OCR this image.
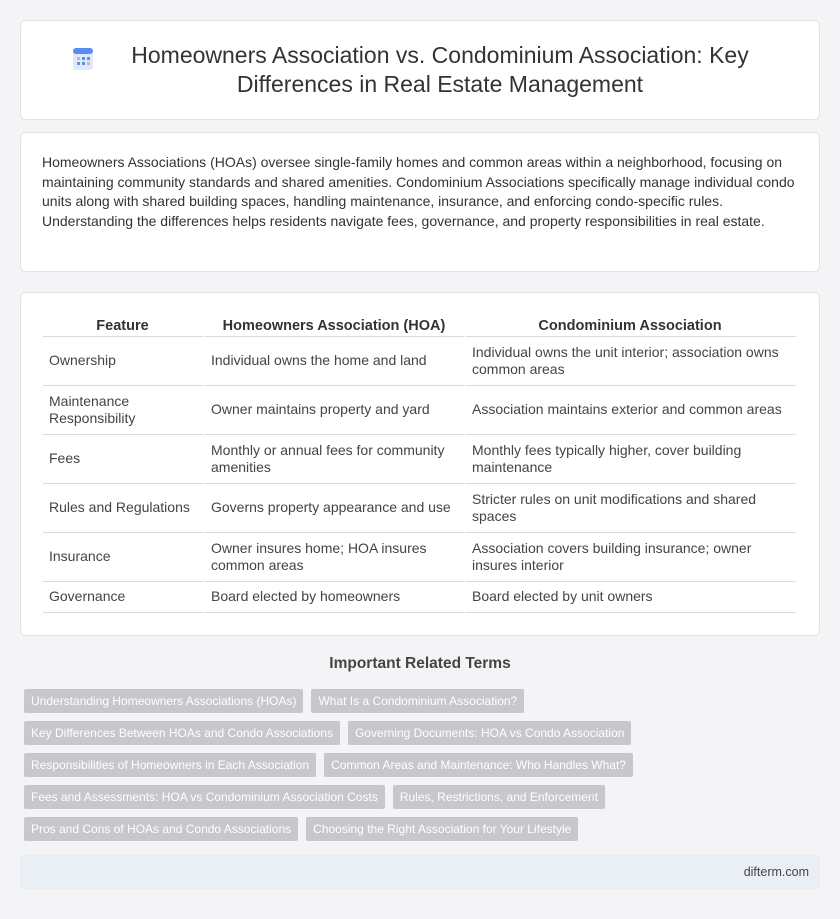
Homeowners Association vs. Condominium Association: Key Differences in Real Estate Management

Homeowners Associations (HOAs) oversee single-family homes and common areas within a neighborhood, focusing on maintaining community standards and shared amenities. Condominium Associations specifically manage individual condo units along with shared building spaces, handling maintenance, insurance, and enforcing condo-specific rules. Understanding the differences helps residents navigate fees, governance, and property responsibilities in real estate.

Feature	Homeowners Association (HOA)	Condominium Association
Ownership	Individual owns the home and land	Individual owns the unit interior; association owns common areas
Maintenance Responsibility	Owner maintains property and yard	Association maintains exterior and common areas
Fees	Monthly or annual fees for community amenities	Monthly fees typically higher, cover building maintenance
Rules and Regulations	Governs property appearance and use	Stricter rules on unit modifications and shared spaces
Insurance	Owner insures home; HOA insures common areas	Association covers building insurance; owner insures interior
Governance	Board elected by homeowners	Board elected by unit owners
Important Related Terms
Understanding Homeowners Associations (HOAs)	What Is a Condominium Association?
Key Differences Between HOAs and Condo Associations	Governing Documents: HOA vs Condo Association
Responsibilities of Homeowners in Each Association	Common Areas and Maintenance: Who Handles What?
Fees and Assessments: HOA vs Condominium Association Costs	Rules, Restrictions, and Enforcement
Pros and Cons of HOAs and Condo Associations	Choosing the Right Association for Your Lifestyle
difterm.com
